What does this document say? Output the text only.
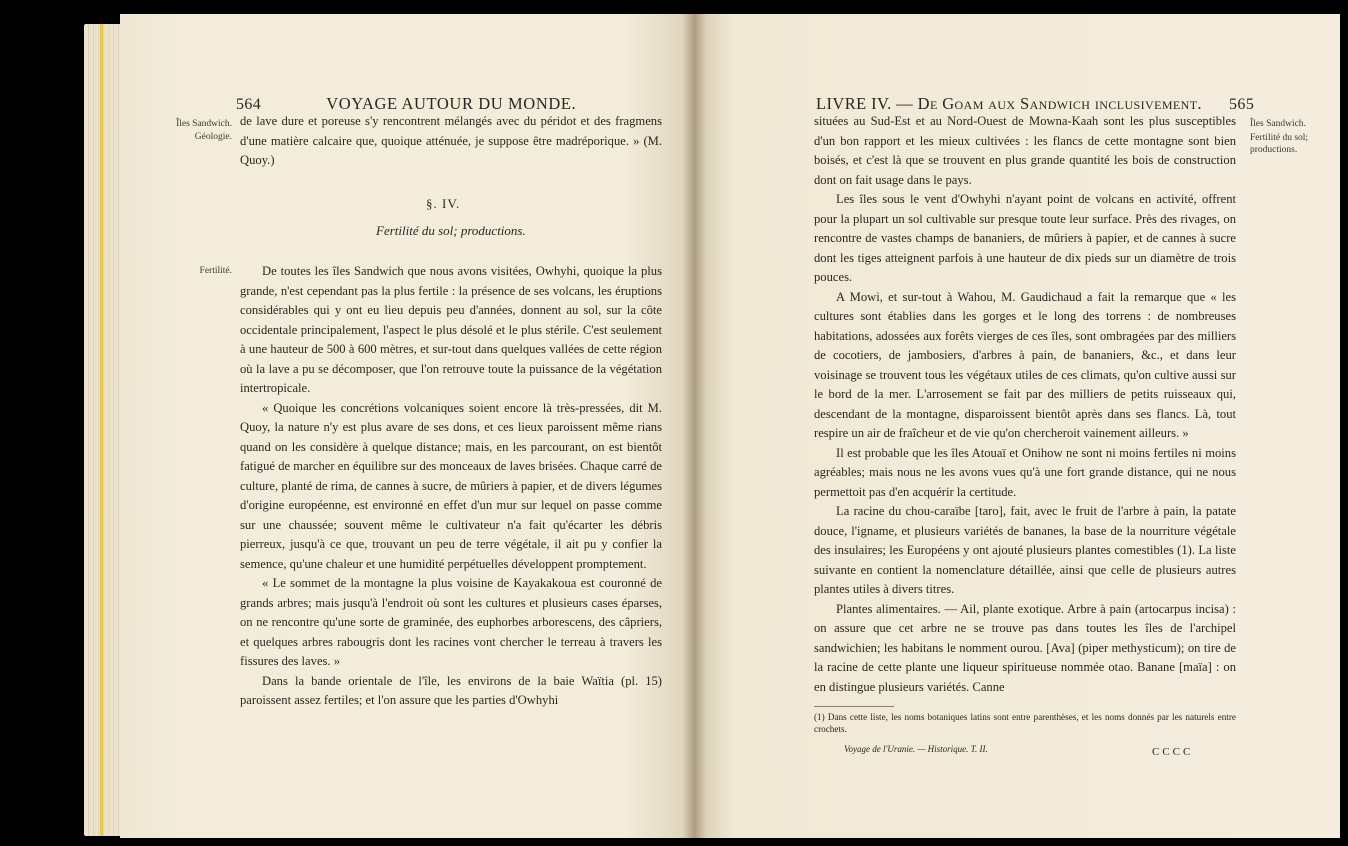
564	VOYAGE AUTOUR DU MONDE.
Îles Sandwich.
Géologie.
Fertilité.

de lave dure et poreuse s'y rencontrent mélangés avec du péridot et des fragmens d'une matière calcaire que, quoique atténuée, je suppose être madréporique. » (M. Quoy.)

§. IV.
Fertilité du sol; productions.

De toutes les îles Sandwich que nous avons visitées, Owhyhi, quoique la plus grande, n'est cependant pas la plus fertile : la présence de ses volcans, les éruptions considérables qui y ont eu lieu depuis peu d'années, donnent au sol, sur la côte occidentale principalement, l'aspect le plus désolé et le plus stérile. C'est seulement à une hauteur de 500 à 600 mètres, et sur-tout dans quelques vallées de cette région où la lave a pu se décomposer, que l'on retrouve toute la puissance de la végétation intertropicale.

« Quoique les concrétions volcaniques soient encore là très-pressées, dit M. Quoy, la nature n'y est plus avare de ses dons, et ces lieux paroissent même rians quand on les considère à quelque distance; mais, en les parcourant, on est bientôt fatigué de marcher en équilibre sur des monceaux de laves brisées. Chaque carré de culture, planté de rima, de cannes à sucre, de mûriers à papier, et de divers légumes d'origine européenne, est environné en effet d'un mur sur lequel on passe comme sur une chaussée; souvent même le cultivateur n'a fait qu'écarter les débris pierreux, jusqu'à ce que, trouvant un peu de terre végétale, il ait pu y confier la semence, qu'une chaleur et une humidité perpétuelles développent promptement.

« Le sommet de la montagne la plus voisine de Kayakakoua est couronné de grands arbres; mais jusqu'à l'endroit où sont les cultures et plusieurs cases éparses, on ne rencontre qu'une sorte de graminée, des euphorbes arborescens, des câpriers, et quelques arbres rabougris dont les racines vont chercher le terreau à travers les fissures des laves. »

Dans la bande orientale de l'île, les environs de la baie Waïtia (pl. 15) paroissent assez fertiles; et l'on assure que les parties d'Owhyhi

LIVRE IV. — De Goam aux Sandwich inclusivement. 565
Îles Sandwich.
Fertilité du sol; productions.

situées au Sud-Est et au Nord-Ouest de Mowna-Kaah sont les plus susceptibles d'un bon rapport et les mieux cultivées : les flancs de cette montagne sont bien boisés, et c'est là que se trouvent en plus grande quantité les bois de construction dont on fait usage dans le pays.

Les îles sous le vent d'Owhyhi n'ayant point de volcans en activité, offrent pour la plupart un sol cultivable sur presque toute leur surface. Près des rivages, on rencontre de vastes champs de bananiers, de mûriers à papier, et de cannes à sucre dont les tiges atteignent parfois à une hauteur de dix pieds sur un diamètre de trois pouces.

A Mowi, et sur-tout à Wahou, M. Gaudichaud a fait la remarque que « les cultures sont établies dans les gorges et le long des torrens : de nombreuses habitations, adossées aux forêts vierges de ces îles, sont ombragées par des milliers de cocotiers, de jambosiers, d'arbres à pain, de bananiers, &c., et dans leur voisinage se trouvent tous les végétaux utiles de ces climats, qu'on cultive aussi sur le bord de la mer. L'arrosement se fait par des milliers de petits ruisseaux qui, descendant de la montagne, disparoissent bientôt après dans ses flancs. Là, tout respire un air de fraîcheur et de vie qu'on chercheroit vainement ailleurs. »

Il est probable que les îles Atouaï et Onihow ne sont ni moins fertiles ni moins agréables; mais nous ne les avons vues qu'à une fort grande distance, qui ne nous permettoit pas d'en acquérir la certitude.

La racine du chou-caraïbe [taro], fait, avec le fruit de l'arbre à pain, la patate douce, l'igname, et plusieurs variétés de bananes, la base de la nourriture végétale des insulaires; les Européens y ont ajouté plusieurs plantes comestibles (1). La liste suivante en contient la nomenclature détaillée, ainsi que celle de plusieurs autres plantes utiles à divers titres.

Plantes alimentaires. — Ail, plante exotique. Arbre à pain (artocarpus incisa) : on assure que cet arbre ne se trouve pas dans toutes les îles de l'archipel sandwichien; les habitans le nomment ourou. [Ava] (piper methysticum); on tire de la racine de cette plante une liqueur spiritueuse nommée otao. Banane [maïa] : on en distingue plusieurs variétés. Canne

(1) Dans cette liste, les noms botaniques latins sont entre parenthèses, et les noms donnés par les naturels entre crochets.
Voyage de l'Uranie. — Historique. T. II.	CCCC
